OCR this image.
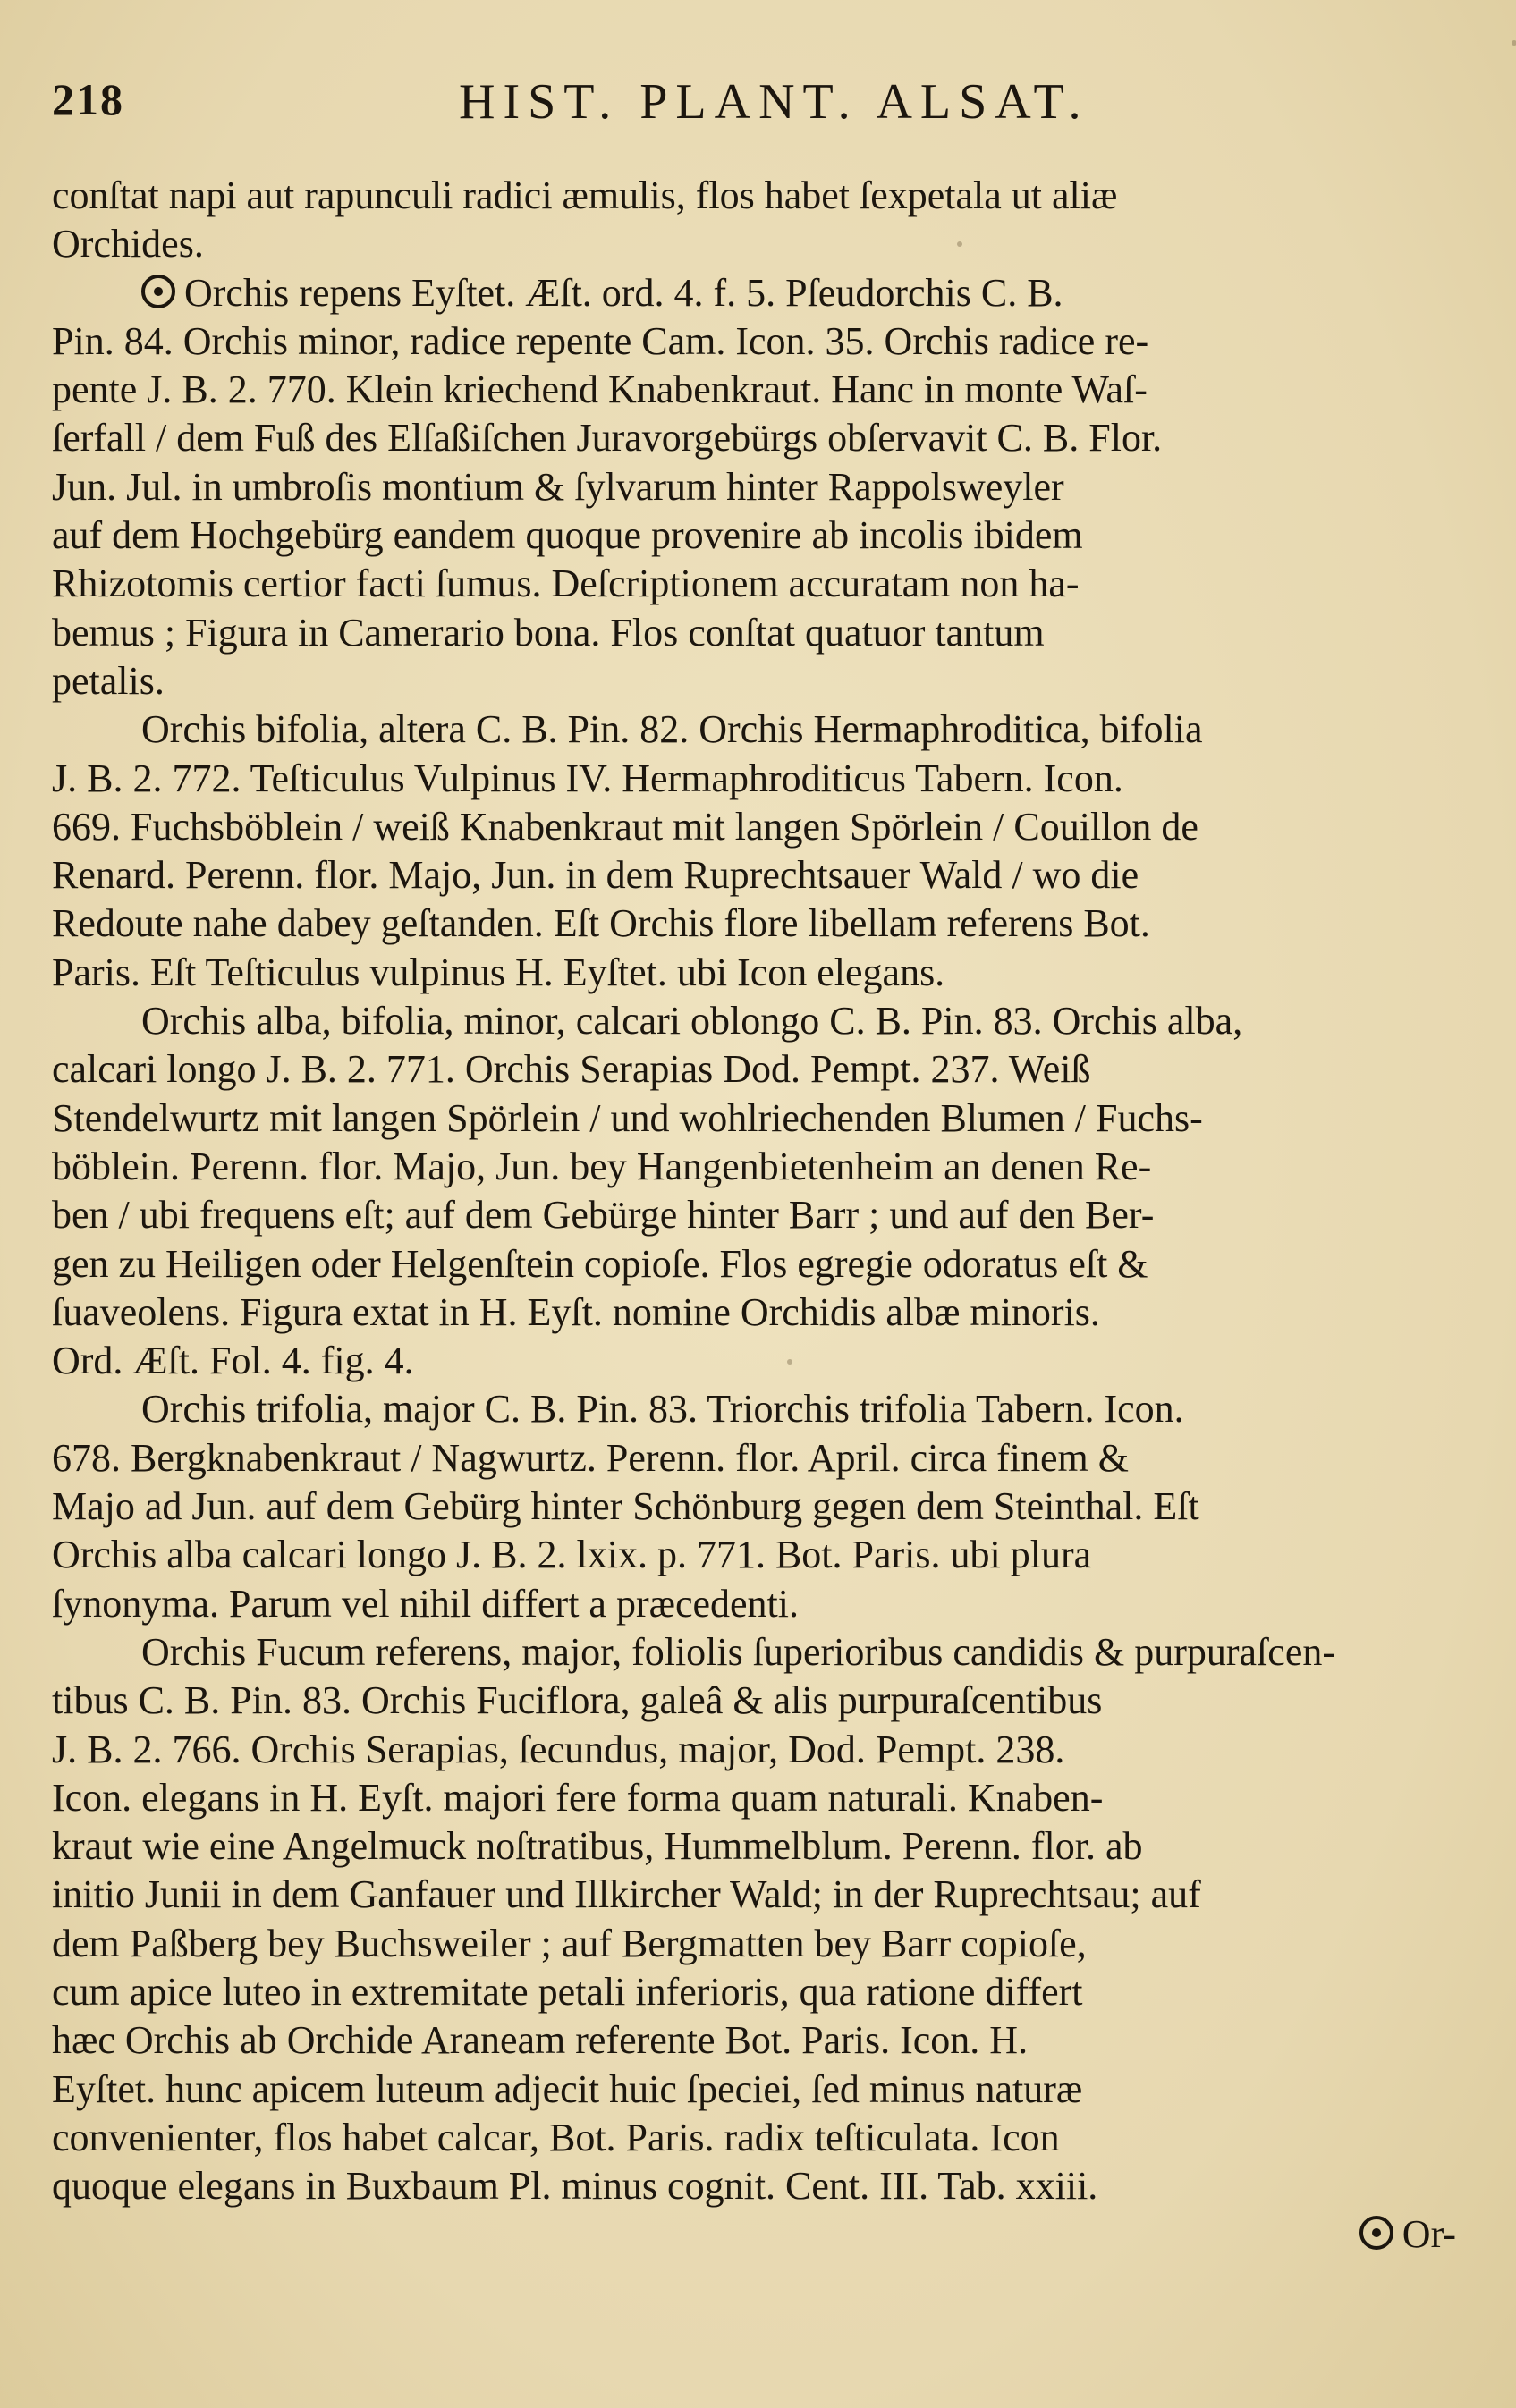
218	HIST. PLANT. ALSAT.
conſtat napi aut rapunculi radici æmulis, flos habet ſexpetala ut aliæ
Orchides.
Orchis repens Eyſtet. Æſt. ord. 4. f. 5. Pſeudorchis C. B.
Pin. 84. Orchis minor, radice repente Cam. Icon. 35. Orchis radice re-
pente J. B. 2. 770. Klein kriechend Knabenkraut. Hanc in monte Waſ-
ſerfall / dem Fuß des Elſaßiſchen Juravorgebürgs obſervavit C. B. Flor.
Jun. Jul. in umbroſis montium & ſylvarum hinter Rappolsweyler
auf dem Hochgebürg eandem quoque provenire ab incolis ibidem
Rhizotomis certior facti ſumus. Deſcriptionem accuratam non ha-
bemus ; Figura in Camerario bona. Flos conſtat quatuor tantum
petalis.
Orchis bifolia, altera C. B. Pin. 82. Orchis Hermaphroditica, bifolia
J. B. 2. 772. Teſticulus Vulpinus IV. Hermaphroditicus Tabern. Icon.
669. Fuchsböblein / weiß Knabenkraut mit langen Spörlein / Couillon de
Renard. Perenn. flor. Majo, Jun. in dem Ruprechtsauer Wald / wo die
Redoute nahe dabey geſtanden. Eſt Orchis flore libellam referens Bot.
Paris. Eſt Teſticulus vulpinus H. Eyſtet. ubi Icon elegans.
Orchis alba, bifolia, minor, calcari oblongo C. B. Pin. 83. Orchis alba,
calcari longo J. B. 2. 771. Orchis Serapias Dod. Pempt. 237. Weiß
Stendelwurtz mit langen Spörlein / und wohlriechenden Blumen / Fuchs-
böblein. Perenn. flor. Majo, Jun. bey Hangenbietenheim an denen Re-
ben / ubi frequens eſt; auf dem Gebürge hinter Barr ; und auf den Ber-
gen zu Heiligen oder Helgenſtein copioſe. Flos egregie odoratus eſt &
ſuaveolens. Figura extat in H. Eyſt. nomine Orchidis albæ minoris.
Ord. Æſt. Fol. 4. fig. 4.
Orchis trifolia, major C. B. Pin. 83. Triorchis trifolia Tabern. Icon.
678. Bergknabenkraut / Nagwurtz. Perenn. flor. April. circa finem &
Majo ad Jun. auf dem Gebürg hinter Schönburg gegen dem Steinthal. Eſt
Orchis alba calcari longo J. B. 2. lxix. p. 771. Bot. Paris. ubi plura
ſynonyma. Parum vel nihil differt a præcedenti.
Orchis Fucum referens, major, foliolis ſuperioribus candidis & purpuraſcen-
tibus C. B. Pin. 83. Orchis Fuciflora, galeâ & alis purpuraſcentibus
J. B. 2. 766. Orchis Serapias, ſecundus, major, Dod. Pempt. 238.
Icon. elegans in H. Eyſt. majori fere forma quam naturali. Knaben-
kraut wie eine Angelmuck noſtratibus, Hummelblum. Perenn. flor. ab
initio Junii in dem Ganfauer und Illkircher Wald; in der Ruprechtsau; auf
dem Paßberg bey Buchsweiler ; auf Bergmatten bey Barr copioſe,
cum apice luteo in extremitate petali inferioris, qua ratione differt
hæc Orchis ab Orchide Araneam referente Bot. Paris. Icon. H.
Eyſtet. hunc apicem luteum adjecit huic ſpeciei, ſed minus naturæ
convenienter, flos habet calcar, Bot. Paris. radix teſticulata. Icon
quoque elegans in Buxbaum Pl. minus cognit. Cent. III. Tab. xxiii.
Or-
